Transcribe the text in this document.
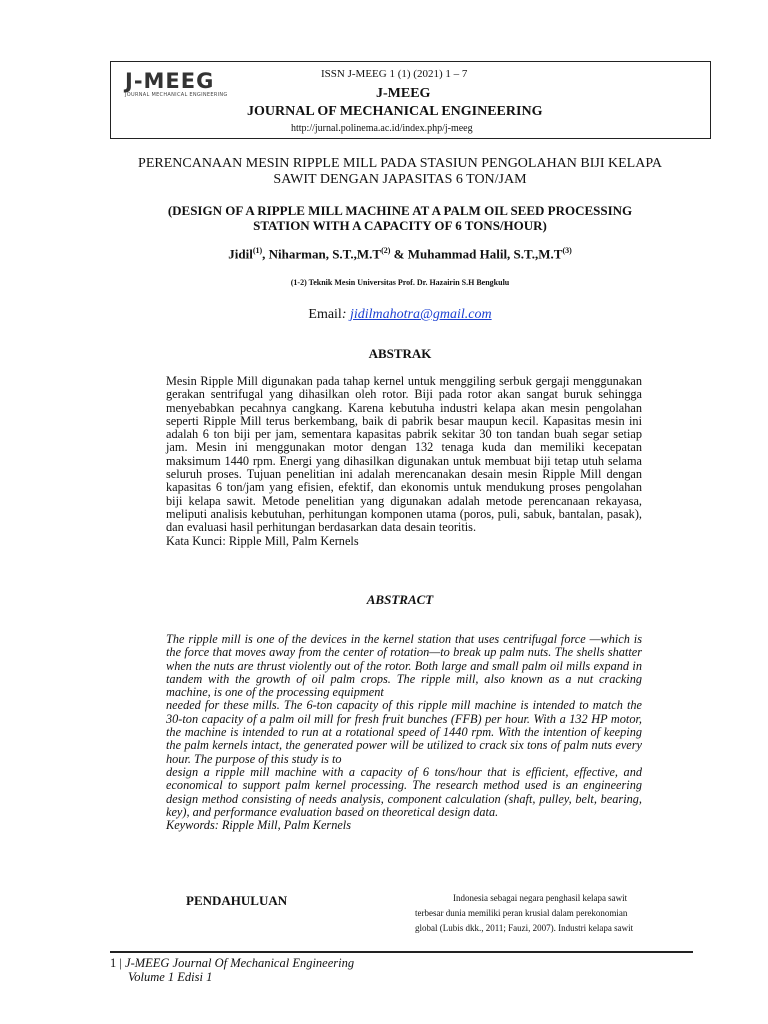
J-MEEG
JOURNAL MECHANICAL ENGINEERING
ISSN J-MEEG 1 (1) (2021) 1 – 7
J-MEEG
JOURNAL OF MECHANICAL ENGINEERING
http://jurnal.polinema.ac.id/index.php/j-meeg
PERENCANAAN MESIN RIPPLE MILL PADA STASIUN PENGOLAHAN BIJI KELAPA
SAWIT DENGAN JAPASITAS 6 TON/JAM
(DESIGN OF A RIPPLE MILL MACHINE AT A PALM OIL SEED PROCESSING
STATION WITH A CAPACITY OF 6 TONS/HOUR)
Jidil$^{(1)}$, Niharman, $S.T.,M.T^{(2)}$ & Muhammad Halil, $S.T.,M.T^{(3)}$
(1-2) Teknik Mesin Universitas Prof. Dr. Hazairin S.H Bengkulu
Email: jidilmahotra@gmail.com
ABSTRAK

Mesin Ripple Mill digunakan pada tahap kernel untuk menggiling serbuk gergaji menggunakan gerakan sentrifugal yang dihasilkan oleh rotor. Biji pada rotor akan sangat buruk sehingga menyebabkan pecahnya cangkang. Karena kebutuha industri kelapa akan mesin pengolahan seperti Ripple Mill terus berkembang, baik di pabrik besar maupun kecil. Kapasitas mesin ini adalah 6 ton biji per jam, sementara kapasitas pabrik sekitar 30 ton tandan buah segar setiap jam. Mesin ini menggunakan motor dengan 132 tenaga kuda dan memiliki kecepatan maksimum 1440 rpm. Energi yang dihasilkan digunakan untuk membuat biji tetap utuh selama seluruh proses. Tujuan penelitian ini adalah merencanakan desain mesin Ripple Mill dengan kapasitas 6 ton/jam yang efisien, efektif, dan ekonomis untuk mendukung proses pengolahan biji kelapa sawit. Metode penelitian yang digunakan adalah metode perencanaan rekayasa, meliputi analisis kebutuhan, perhitungan komponen utama (poros, puli, sabuk, bantalan, pasak), dan evaluasi hasil perhitungan berdasarkan data desain teoritis.

Kata Kunci: Ripple Mill, Palm Kernels

ABSTRACT

The ripple mill is one of the devices in the kernel station that uses centrifugal force —which is the force that moves away from the center of rotation—to break up palm nuts. The shells shatter when the nuts are thrust violently out of the rotor. Both large and small palm oil mills expand in tandem with the growth of oil palm crops. The ripple mill, also known as a nut cracking machine, is one of the processing equipment

needed for these mills. The 6-ton capacity of this ripple mill machine is intended to match the 30-ton capacity of a palm oil mill for fresh fruit bunches (FFB) per hour. With a 132 HP motor, the machine is intended to run at a rotational speed of 1440 rpm. With the intention of keeping the palm kernels intact, the generated power will be utilized to crack six tons of palm nuts every hour. The purpose of this study is to

design a ripple mill machine with a capacity of 6 tons/hour that is efficient, effective, and economical to support palm kernel processing. The research method used is an engineering design method consisting of needs analysis, component calculation (shaft, pulley, belt, bearing, key), and performance evaluation based on theoretical design data.

Keywords: Ripple Mill, Palm Kernels

PENDAHULUAN	Indonesia sebagai negara penghasil kelapa sawit
terbesar dunia memiliki peran krusial dalam perekonomian
global (Lubis dkk., 2011; Fauzi, 2007). Industri kelapa sawit
1 | J-MEEG Journal Of Mechanical Engineering
Volume 1 Edisi 1
